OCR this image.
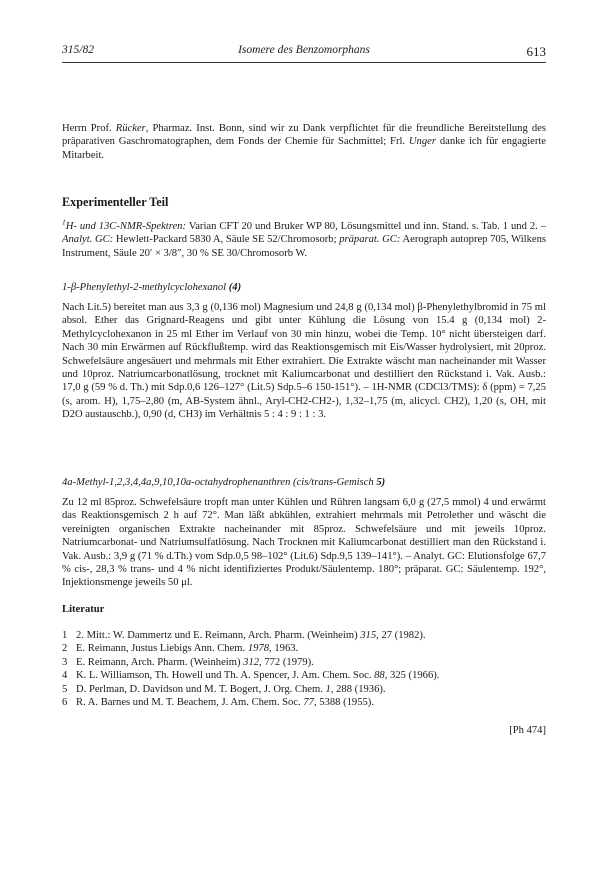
315/82	Isomere des Benzomorphans	613

Herrn Prof. Rücker, Pharmaz. Inst. Bonn, sind wir zu Dank verpflichtet für die freundliche Bereitstellung des präparativen Gaschromatographen, dem Fonds der Chemie für Sachmittel; Frl. Unger danke ich für engagierte Mitarbeit.

Experimenteller Teil

$^1$H- und 13C-NMR-Spektren: Varian CFT 20 und Bruker WP 80, Lösungsmittel und inn. Stand. s. Tab. 1 und 2. – Analyt. GC: Hewlett-Packard 5830 A, Säule SE 52/Chromosorb; präparat. GC: Aerograph autoprep 705, Wilkens Instrument, Säule 20′ × 3/8″, 30 % SE 30/Chromosorb W.

1-β-Phenylethyl-2-methylcyclohexanol (4)

Nach Lit.5) bereitet man aus 3,3 g (0,136 mol) Magnesium und 24,8 g (0,134 mol) β-Phenylethylbromid in 75 ml absol. Ether das Grignard-Reagens und gibt unter Kühlung die Lösung von 15.4 g (0,134 mol) 2-Methylcyclohexanon in 25 ml Ether im Verlauf von 30 min hinzu, wobei die Temp. 10° nicht übersteigen darf. Nach 30 min Erwärmen auf Rückflußtemp. wird das Reaktionsgemisch mit Eis/Wasser hydrolysiert, mit 20proz. Schwefelsäure angesäuert und mehrmals mit Ether extrahiert. Die Extrakte wäscht man nacheinander mit Wasser und 10proz. Natriumcarbonatlösung, trocknet mit Kaliumcarbonat und destilliert den Rückstand i. Vak. Ausb.: 17,0 g (59 % d. Th.) mit Sdp.0,6 126–127° (Lit.5) Sdp.5–6 150-151°). – 1H-NMR (CDCl3/TMS): δ (ppm) = 7,25 (s, arom. H), 1,75–2,80 (m, AB-System ähnl., Aryl-CH2-CH2-), 1,32–1,75 (m, alicycl. CH2), 1,20 (s, OH, mit D2O austauschb.), 0,90 (d, CH3) im Verhältnis 5 : 4 : 9 : 1 : 3.

4a-Methyl-1,2,3,4,4a,9,10,10a-octahydrophenanthren (cis/trans-Gemisch 5)

Zu 12 ml 85proz. Schwefelsäure tropft man unter Kühlen und Rühren langsam 6,0 g (27,5 mmol) 4 und erwärmt das Reaktionsgemisch 2 h auf 72°. Man läßt abkühlen, extrahiert mehrmals mit Petrolether und wäscht die vereinigten organischen Extrakte nacheinander mit 85proz. Schwefelsäure und mit jeweils 10proz. Natriumcarbonat- und Natriumsulfatlösung. Nach Trocknen mit Kaliumcarbonat destilliert man den Rückstand i. Vak. Ausb.: 3,9 g (71 % d.Th.) vom Sdp.0,5 98–102° (Lit.6) Sdp.9,5 139–141°). – Analyt. GC: Elutionsfolge 67,7 % cis-, 28,3 % trans- und 4 % nicht identifiziertes Produkt/Säulentemp. 180°; präparat. GC: Säulentemp. 192°, Injektionsmenge jeweils 50 μl.

Literatur
1 2. Mitt.: W. Dammertz und E. Reimann, Arch. Pharm. (Weinheim) 315, 27 (1982).
2 E. Reimann, Justus Liebigs Ann. Chem. 1978, 1963.
3 E. Reimann, Arch. Pharm. (Weinheim) 312, 772 (1979).
4 K. L. Williamson, Th. Howell und Th. A. Spencer, J. Am. Chem. Soc. 88, 325 (1966).
5 D. Perlman, D. Davidson und M. T. Bogert, J. Org. Chem. 1, 288 (1936).
6 R. A. Barnes und M. T. Beachem, J. Am. Chem. Soc. 77, 5388 (1955).
[Ph 474]
